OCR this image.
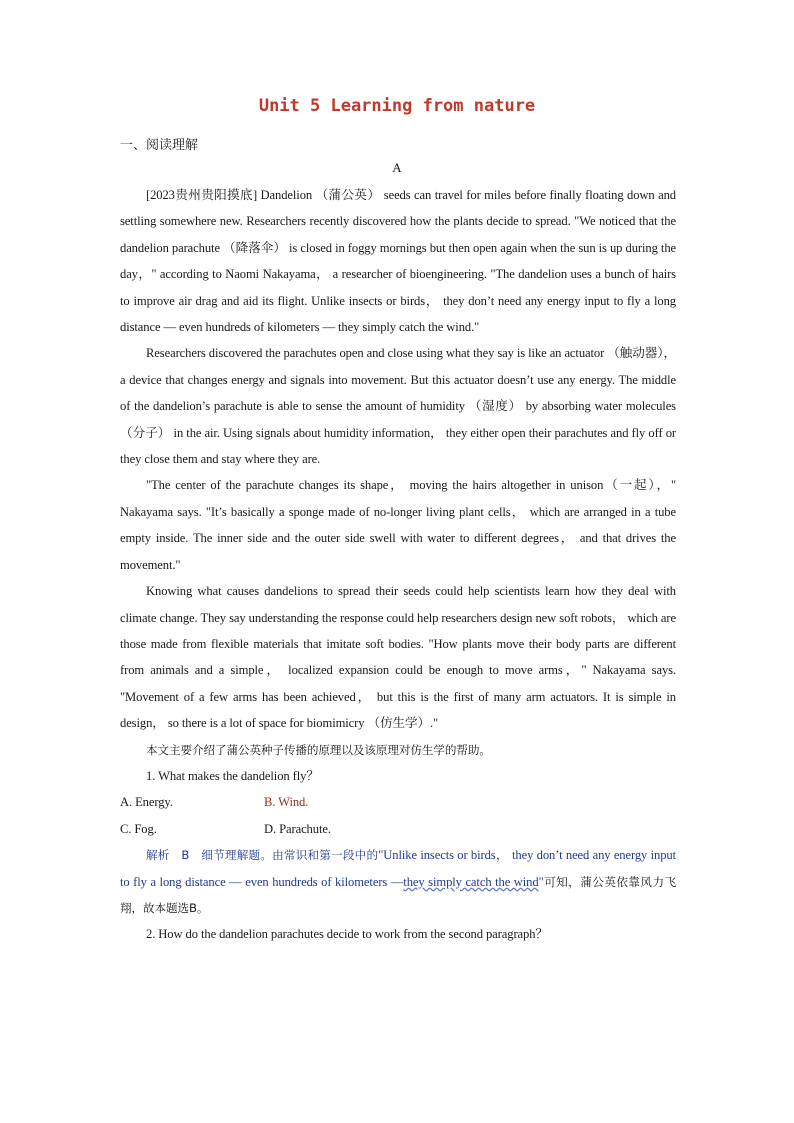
Unit 5 Learning from nature
一、阅读理解
A

[2023贵州贵阳摸底] Dandelion （蒲公英） seeds can travel for miles before finally floating down and settling somewhere new. Researchers recently discovered how the plants decide to spread. "We noticed that the dandelion parachute （降落伞） is closed in foggy mornings but then open again when the sun is up during the day，" according to Naomi Nakayama， a researcher of bioengineering. "The dandelion uses a bunch of hairs to improve air drag and aid its flight. Unlike insects or birds， they don’t need any energy input to fly a long distance — even hundreds of kilometers — they simply catch the wind."

Researchers discovered the parachutes open and close using what they say is like an actuator （触动器）， a device that changes energy and signals into movement. But this actuator doesn’t use any energy. The middle of the dandelion’s parachute is able to sense the amount of humidity （湿度） by absorbing water molecules （分子） in the air. Using signals about humidity information， they either open their parachutes and fly off or they close them and stay where they are.

"The center of the parachute changes its shape， moving the hairs altogether in unison（一起），" Nakayama says. "It’s basically a sponge made of no-longer living plant cells， which are arranged in a tube empty inside. The inner side and the outer side swell with water to different degrees， and that drives the movement."

Knowing what causes dandelions to spread their seeds could help scientists learn how they deal with climate change. They say understanding the response could help researchers design new soft robots， which are those made from flexible materials that imitate soft bodies. "How plants move their body parts are different from animals and a simple， localized expansion could be enough to move arms，" Nakayama says. "Movement of a few arms has been achieved， but this is the first of many arm actuators. It is simple in design， so there is a lot of space for biomimicry （仿生学）."

本文主要介绍了蒲公英种子传播的原理以及该原理对仿生学的帮助。

1. What makes the dandelion fly？

A. Energy.	B. Wind.
C. Fog.	D. Parachute.

解析　B　细节理解题。由常识和第一段中的"Unlike insects or birds， they don’t need any energy input to fly a long distance — even hundreds of kilometers —they simply catch the wind"可知，蒲公英依靠风力飞翔，故本题选B。

2. How do the dandelion parachutes decide to work from the second paragraph？
